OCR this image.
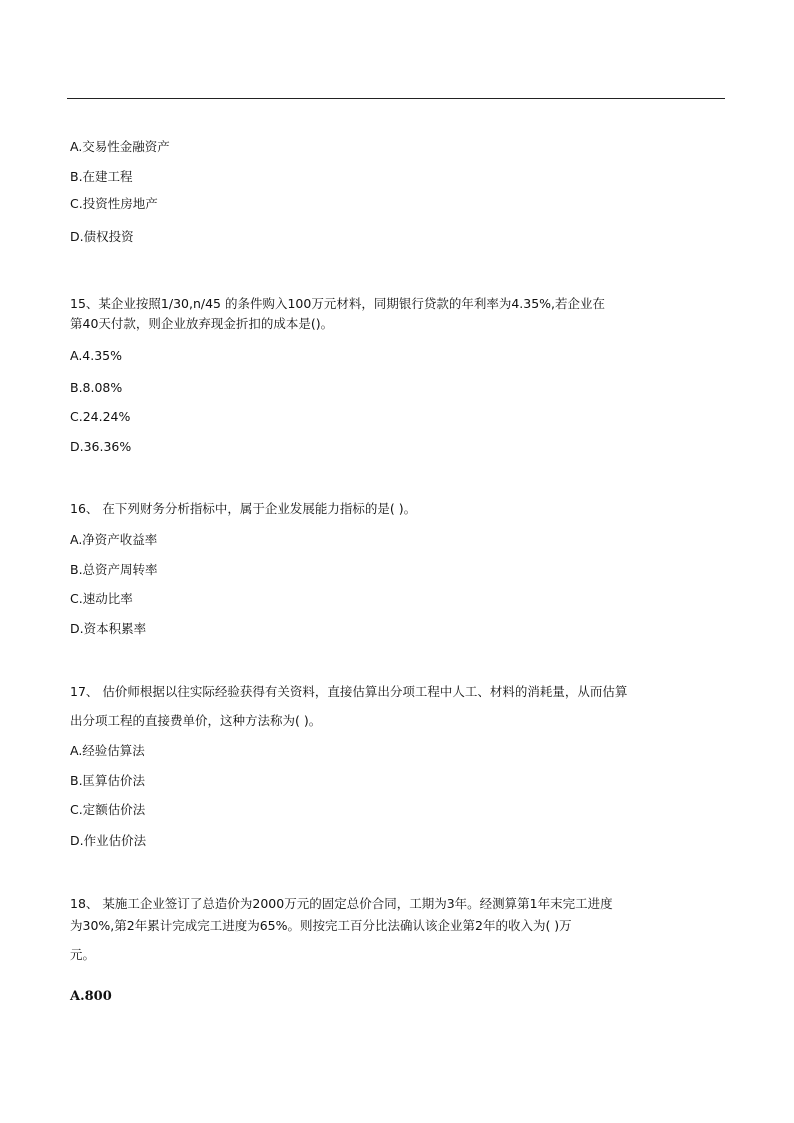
A.交易性金融资产
B.在建工程
C.投资性房地产
D.债权投资
15、某企业按照1/30,n/45 的条件购入100万元材料，同期银行贷款的年利率为4.35%,若企业在
第40天付款，则企业放弃现金折扣的成本是()。
A.4.35%
B.8.08%
C.24.24%
D.36.36%
16、 在下列财务分析指标中，属于企业发展能力指标的是( )。
A.净资产收益率
B.总资产周转率
C.速动比率
D.资本积累率
17、 估价师根据以往实际经验获得有关资料，直接估算出分项工程中人工、材料的消耗量，从而估算
出分项工程的直接费单价，这种方法称为( )。
A.经验估算法
B.匡算估价法
C.定额估价法
D.作业估价法
18、 某施工企业签订了总造价为2000万元的固定总价合同，工期为3年。经测算第1年末完工进度
为30%,第2年累计完成完工进度为65%。则按完工百分比法确认该企业第2年的收入为( )万
元。
A.800
